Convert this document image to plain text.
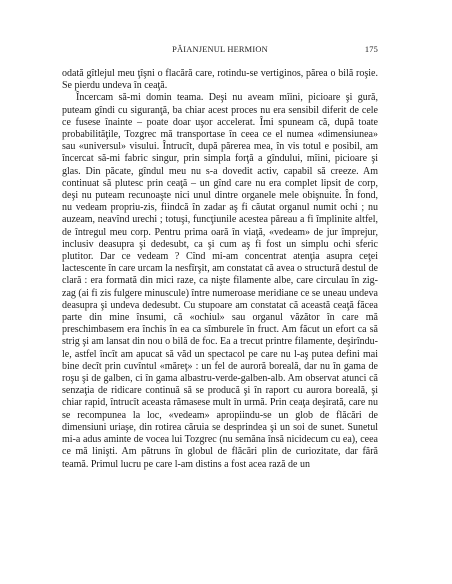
PĂIANJENUL HERMION	175

odată gîtlejul meu ţîşni o flacără care, rotindu-se vertiginos, părea o bilă roşie. Se pierdu undeva în ceaţă.

Încercam să-mi domin teama. Deşi nu aveam mîini, picioare şi gură, puteam gîndi cu siguranţă, ba chiar acest proces nu era sensibil diferit de cele ce fusese înainte – poate doar uşor accelerat. Îmi spuneam că, după toate probabilităţile, Tozgrec mă transportase în ceea ce el numea «dimensiunea» sau «universul» visului. Întrucît, după părerea mea, în vis totul e posibil, am încercat să-mi fabric singur, prin simpla forţă a gîndului, mîini, picioare şi glas. Din păcate, gîndul meu nu s-a dovedit activ, capabil să creeze. Am continuat să plutesc prin ceaţă – un gînd care nu era complet lipsit de corp, deşi nu puteam recunoaşte nici unul dintre organele mele obişnuite. În fond, nu vedeam propriu-zis, fiindcă în zadar aş fi căutat organul numit ochi ; nu auzeam, neavînd urechi ; totuşi, funcţiunile acestea păreau a fi împlinite altfel, de întregul meu corp. Pentru prima oară în viaţă, «vedeam» de jur împrejur, inclusiv deasupra şi dedesubt, ca şi cum aş fi fost un simplu ochi sferic plutitor. Dar ce vedeam ? Cînd mi-am concentrat atenţia asupra ceţei lactescente în care urcam la nesfîrşit, am constatat că avea o structură destul de clară : era formată din mici raze, ca nişte filamente albe, care circulau în zig-zag (ai fi zis fulgere minuscule) între numeroase meridiane ce se uneau undeva deasupra şi undeva dedesubt. Cu stupoare am constatat că această ceaţă făcea parte din mine însumi, că «ochiul» sau organul văzător în care mă preschimbasem era închis în ea ca sîmburele în fruct. Am făcut un efort ca să strig şi am lansat din nou o bilă de foc. Ea a trecut printre filamente, deşirîndu-le, astfel încît am apucat să văd un spectacol pe care nu l-aş putea defini mai bine decît prin cuvîntul «măreţ» : un fel de auroră boreală, dar nu în gama de roşu şi de galben, ci în gama albastru-verde-galben-alb. Am observat atunci că senzaţia de ridicare continuă să se producă şi în raport cu aurora boreală, şi chiar rapid, întrucît aceasta rămasese mult în urmă. Prin ceaţa deşirată, care nu se recompunea la loc, «vedeam» apropiindu-se un glob de flăcări de dimensiuni uriaşe, din rotirea căruia se desprindea şi un soi de sunet. Sunetul mi-a adus aminte de vocea lui Tozgrec (nu semăna însă nicidecum cu ea), ceea ce mă linişti. Am pătruns în globul de flăcări plin de curiozitate, dar fără teamă. Primul lucru pe care l-am distins a fost acea rază de un
